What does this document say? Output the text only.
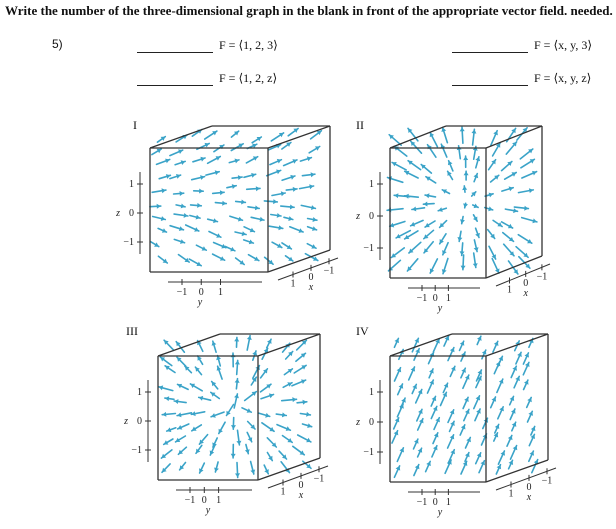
Write the number of the three-dimensional graph in the blank in front of the appropriate vector field. needed.
5)	F = ⟨1, 2, 3⟩	F = ⟨x, y, 3⟩
F = ⟨1, 2, z⟩	F = ⟨x, y, z⟩
I	II
III	IV
1
0
−1
z
−1 0 1
y
1
0
−1
x
1
0
−1
z
−1 0 1
y
1
0
−1
x
1
0
−1
z
−1 0 1
y
1
0
−1
x
1
0
−1
z
−1 0 1
y
1
0
−1
x
